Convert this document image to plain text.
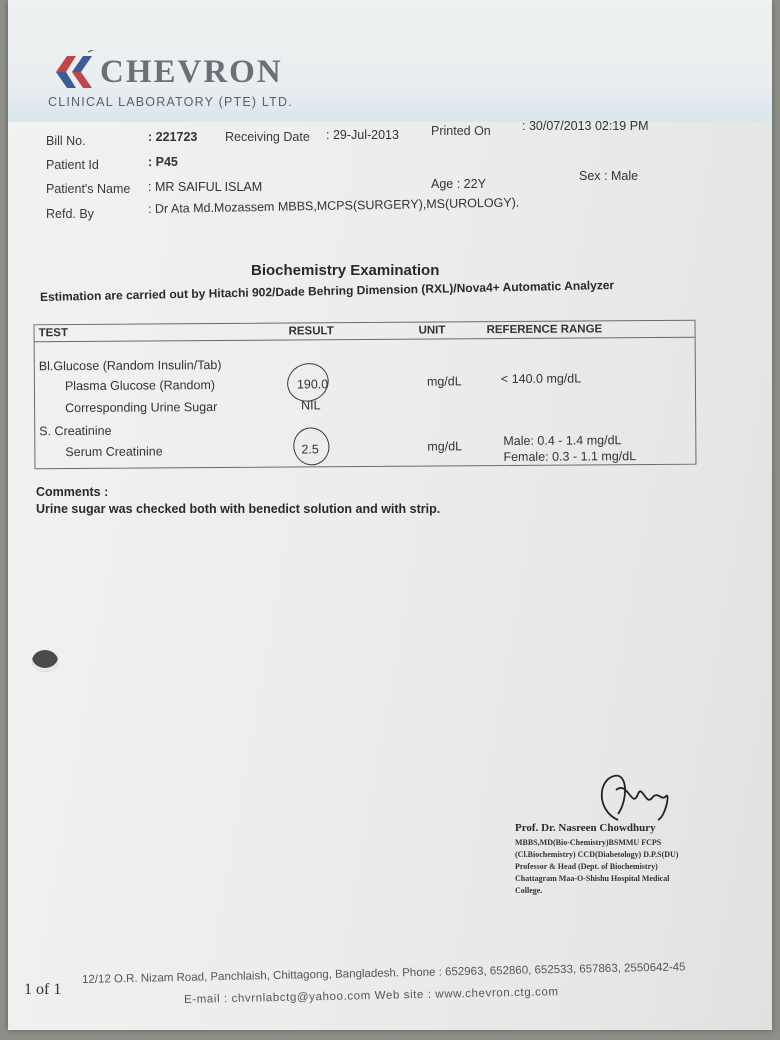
CHEVRON
CLINICAL LABORATORY (PTE) LTD.
Bill No.	: 221723 Receiving Date : 29-Jul-2013	Printed On : 30/07/2013 02:19 PM
Patient Id	: P45
Patient's Name : MR SAIFUL ISLAM	Age : 22Y
Sex : Male
Refd. By	: Dr Ata Md.Mozassem MBBS,MCPS(SURGERY),MS(UROLOGY).
Biochemistry Examination
Estimation are carried out by Hitachi 902/Dade Behring Dimension (RXL)/Nova4+ Automatic Analyzer
TEST	RESULT	UNIT	REFERENCE RANGE
Bl.Glucose (Random Insulin/Tab)
Plasma Glucose (Random)	190.0	mg/dL	< 140.0 mg/dL
Corresponding Urine Sugar	NIL
S. Creatinine
Serum Creatinine	2.5	mg/dL	Male: 0.4 - 1.4 mg/dL
Female: 0.3 - 1.1 mg/dL
Comments :
Urine sugar was checked both with benedict solution and with strip.
Prof. Dr. Nasreen Chowdhury
MBBS,MD(Bio-Chemistry)BSMMU FCPS
(Cl.Biochemistry) CCD(Diabetology) D.P.S(DU)
Professor & Head (Dept. of Biochemistry)
Chattagram Maa-O-Shishu Hospital Medical
College.
1 of 1
12/12 O.R. Nizam Road, Panchlaish, Chittagong, Bangladesh. Phone : 652963, 652860, 652533, 657863, 2550642-45
E-mail : chvrnlabctg@yahoo.com Web site : www.chevron.ctg.com
